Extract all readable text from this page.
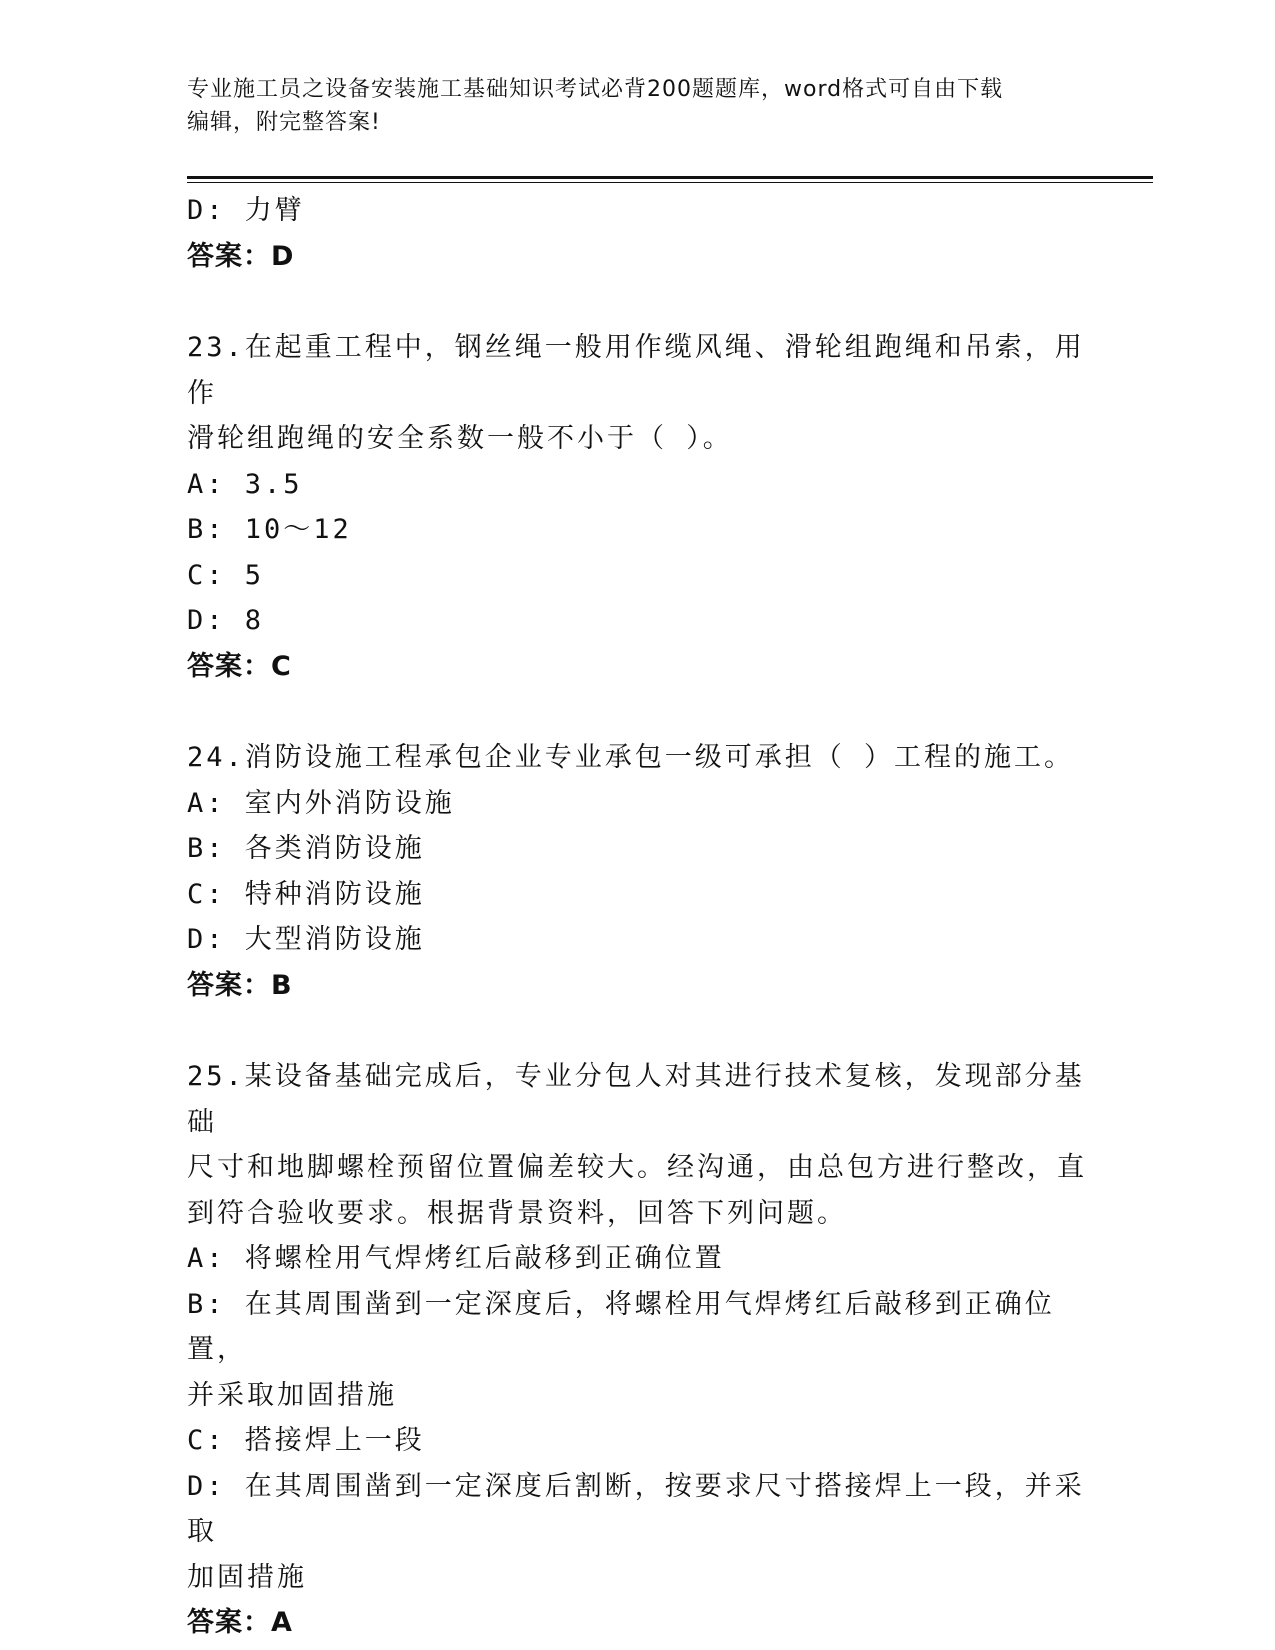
专业施工员之设备安装施工基础知识考试必背200题题库，word格式可自由下载
编辑，附完整答案!
D: 力臂
答案：D
23.在起重工程中，钢丝绳一般用作缆风绳、滑轮组跑绳和吊索，用作
滑轮组跑绳的安全系数一般不小于（ ）。
A: 3.5
B: 10～12
C: 5
D: 8
答案：C
24.消防设施工程承包企业专业承包一级可承担（ ）工程的施工。
A: 室内外消防设施
B: 各类消防设施
C: 特种消防设施
D: 大型消防设施
答案：B
25.某设备基础完成后，专业分包人对其进行技术复核，发现部分基础
尺寸和地脚螺栓预留位置偏差较大。经沟通，由总包方进行整改，直
到符合验收要求。根据背景资料，回答下列问题。
A: 将螺栓用气焊烤红后敲移到正确位置
B: 在其周围凿到一定深度后，将螺栓用气焊烤红后敲移到正确位置，
并采取加固措施
C: 搭接焊上一段
D: 在其周围凿到一定深度后割断，按要求尺寸搭接焊上一段，并采取
加固措施
答案：A
